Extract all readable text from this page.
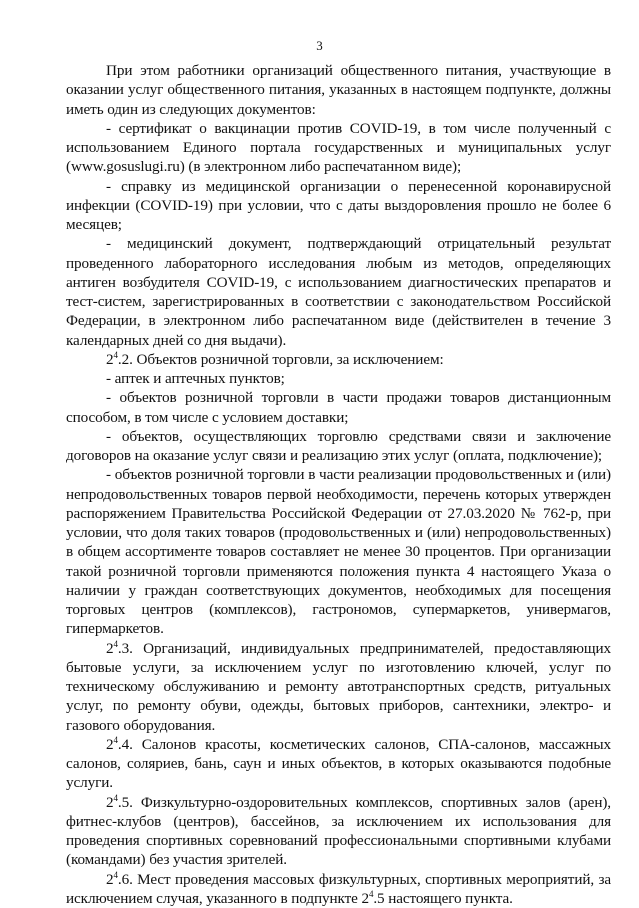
3

При этом работники организаций общественного питания, участвующие в оказании услуг общественного питания, указанных в настоящем подпункте, должны иметь один из следующих документов:

- сертификат о вакцинации против COVID-19, в том числе полученный с использованием Единого портала государственных и муниципальных услуг (www.gosuslugi.ru) (в электронном либо распечатанном виде);

- справку из медицинской организации о перенесенной коронавирусной инфекции (COVID-19) при условии, что с даты выздоровления прошло не более 6 месяцев;

- медицинский документ, подтверждающий отрицательный результат проведенного лабораторного исследования любым из методов, определяющих антиген возбудителя COVID-19, с использованием диагностических препаратов и тест-систем, зарегистрированных в соответствии с законодательством Российской Федерации, в электронном либо распечатанном виде (действителен в течение 3 календарных дней со дня выдачи).

$2^4.2$. Объектов розничной торговли, за исключением:

- аптек и аптечных пунктов;

- объектов розничной торговли в части продажи товаров дистанционным способом, в том числе с условием доставки;

- объектов, осуществляющих торговлю средствами связи и заключение договоров на оказание услуг связи и реализацию этих услуг (оплата, подключение);

- объектов розничной торговли в части реализации продовольственных и (или) непродовольственных товаров первой необходимости, перечень которых утвержден распоряжением Правительства Российской Федерации от 27.03.2020 № 762-р, при условии, что доля таких товаров (продовольственных и (или) непродовольственных) в общем ассортименте товаров составляет не менее 30 процентов. При организации такой розничной торговли применяются положения пункта 4 настоящего Указа о наличии у граждан соответствующих документов, необходимых для посещения торговых центров (комплексов), гастрономов, супермаркетов, универмагов, гипермаркетов.

$2^4.3$. Организаций, индивидуальных предпринимателей, предоставляющих бытовые услуги, за исключением услуг по изготовлению ключей, услуг по техническому обслуживанию и ремонту автотранспортных средств, ритуальных услуг, по ремонту обуви, одежды, бытовых приборов, сантехники, электро- и газового оборудования.

$2^4.4$. Салонов красоты, косметических салонов, СПА-салонов, массажных салонов, соляриев, бань, саун и иных объектов, в которых оказываются подобные услуги.

$2^4.5$. Физкультурно-оздоровительных комплексов, спортивных залов (арен), фитнес-клубов (центров), бассейнов, за исключением их использования для проведения спортивных соревнований профессиональными спортивными клубами (командами) без участия зрителей.

$2^4.6$. Мест проведения массовых физкультурных, спортивных мероприятий, за исключением случая, указанного в подпункте $2^4.5$ настоящего пункта.
